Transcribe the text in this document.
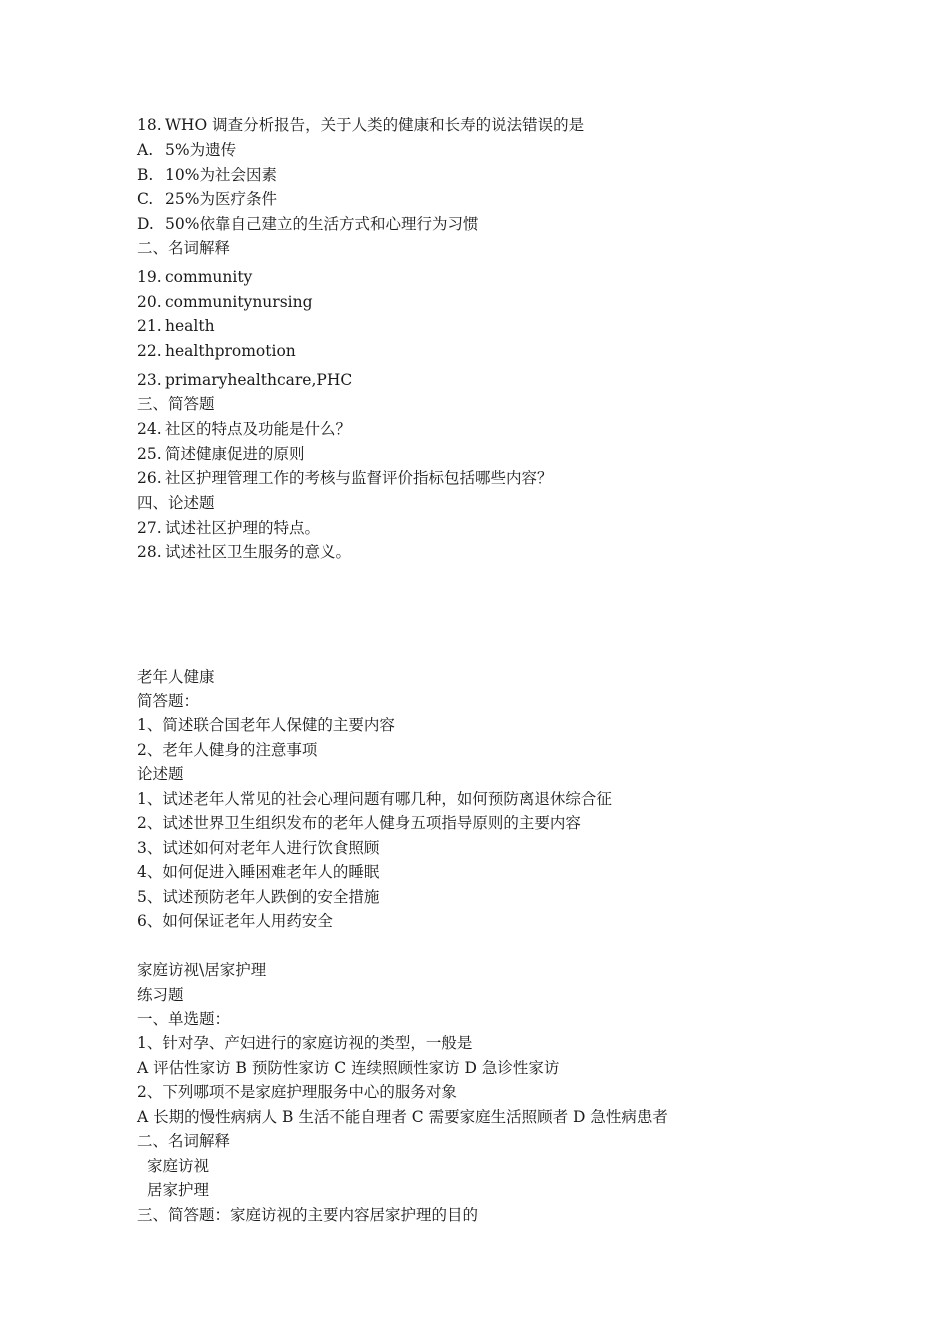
18. WHO 调查分析报告，关于人类的健康和长寿的说法错误的是
A. 5%为遗传
B. 10%为社会因素
C. 25%为医疗条件
D. 50%依靠自己建立的生活方式和心理行为习惯
二、名词解释
19. community
20. communitynursing
21. health
22. healthpromotion
23. primaryhealthcare,PHC
三、简答题
24. 社区的特点及功能是什么？
25. 简述健康促进的原则
26. 社区护理管理工作的考核与监督评价指标包括哪些内容？
四、论述题
27. 试述社区护理的特点。
28. 试述社区卫生服务的意义。
老年人健康
简答题：
1、简述联合国老年人保健的主要内容
2、老年人健身的注意事项
论述题
1、试述老年人常见的社会心理问题有哪几种，如何预防离退休综合征
2、试述世界卫生组织发布的老年人健身五项指导原则的主要内容
3、试述如何对老年人进行饮食照顾
4、如何促进入睡困难老年人的睡眠
5、试述预防老年人跌倒的安全措施
6、如何保证老年人用药安全
家庭访视\居家护理
练习题
一、单选题：
1、针对孕、产妇进行的家庭访视的类型，一般是
A 评估性家访 B 预防性家访 C 连续照顾性家访 D 急诊性家访
2、下列哪项不是家庭护理服务中心的服务对象
A 长期的慢性病病人 B 生活不能自理者 C 需要家庭生活照顾者 D 急性病患者
二、名词解释
家庭访视
居家护理
三、简答题：家庭访视的主要内容居家护理的目的
